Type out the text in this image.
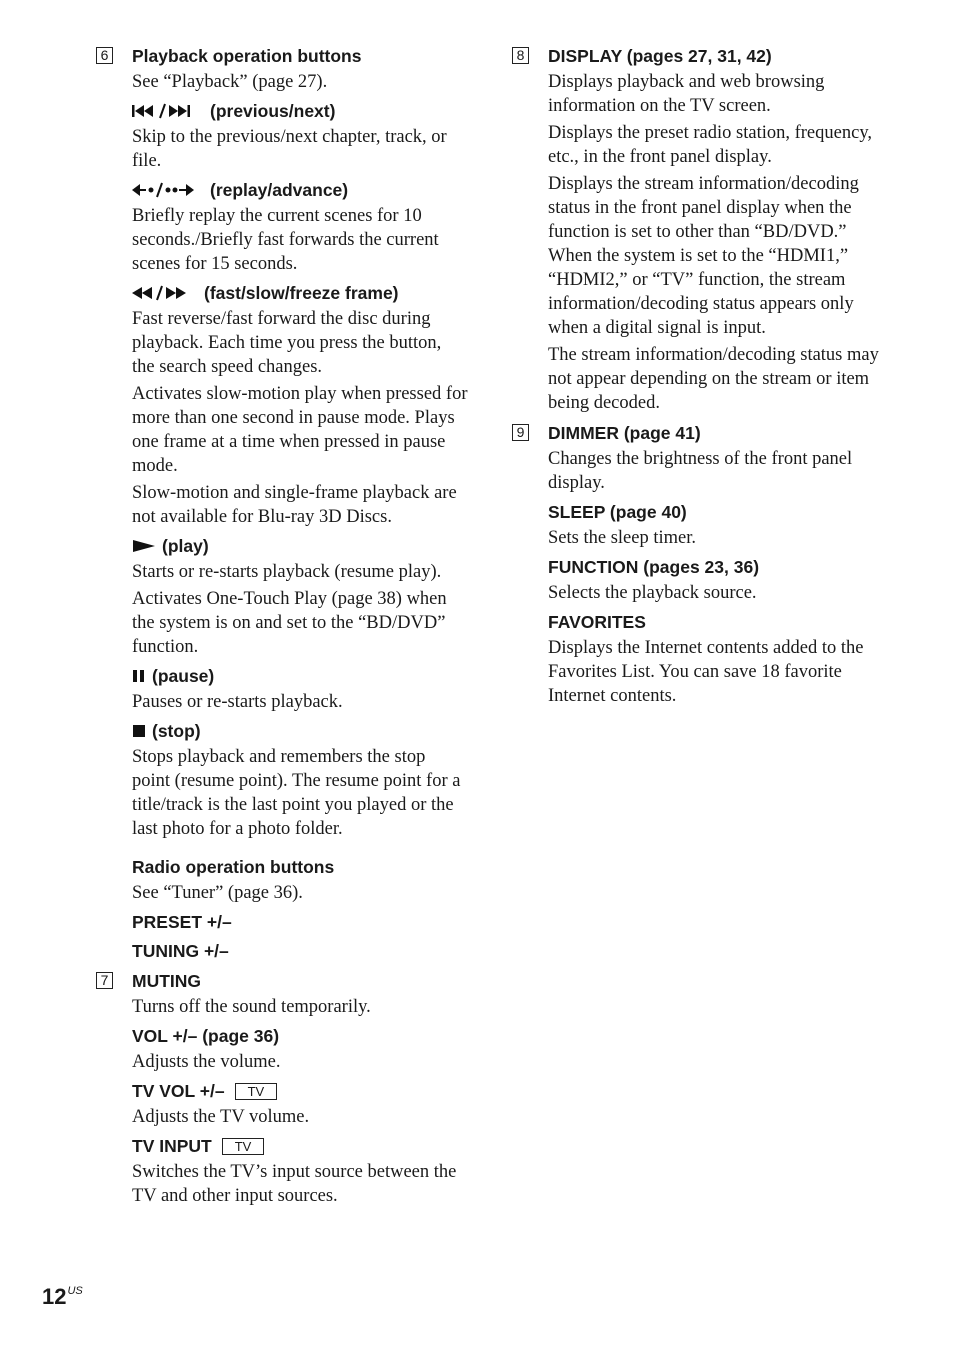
6 Playback operation buttons
See “Playback” (page 27).
(previous/next)
Skip to the previous/next chapter, track, or file.
(replay/advance)
Briefly replay the current scenes for 10 seconds./Briefly fast forwards the current scenes for 15 seconds.
(fast/slow/freeze frame)
Fast reverse/fast forward the disc during playback. Each time you press the button, the search speed changes.
Activates slow-motion play when pressed for more than one second in pause mode. Plays one frame at a time when pressed in pause mode.
Slow-motion and single-frame playback are not available for Blu-ray 3D Discs.
(play)
Starts or re-starts playback (resume play).
Activates One-Touch Play (page 38) when the system is on and set to the “BD/DVD” function.
(pause)
Pauses or re-starts playback.
(stop)
Stops playback and remembers the stop point (resume point). The resume point for a title/track is the last point you played or the last photo for a photo folder.
Radio operation buttons
See “Tuner” (page 36).
PRESET +/–
TUNING +/–
7 MUTING
Turns off the sound temporarily.
VOL +/– (page 36)
Adjusts the volume.
TV VOL +/–	TV
Adjusts the TV volume.
TV INPUT	TV
Switches the TV’s input source between the TV and other input sources.
8 DISPLAY (pages 27, 31, 42)
Displays playback and web browsing information on the TV screen.
Displays the preset radio station, frequency, etc., in the front panel display.
Displays the stream information/decoding status in the front panel display when the function is set to other than “BD/DVD.” When the system is set to the “HDMI1,” “HDMI2,” or “TV” function, the stream information/decoding status appears only when a digital signal is input.
The stream information/decoding status may not appear depending on the stream or item being decoded.
9 DIMMER (page 41)
Changes the brightness of the front panel display.
SLEEP (page 40)
Sets the sleep timer.
FUNCTION (pages 23, 36)
Selects the playback source.
FAVORITES
Displays the Internet contents added to the Favorites List. You can save 18 favorite Internet contents.
$12^{US}$
